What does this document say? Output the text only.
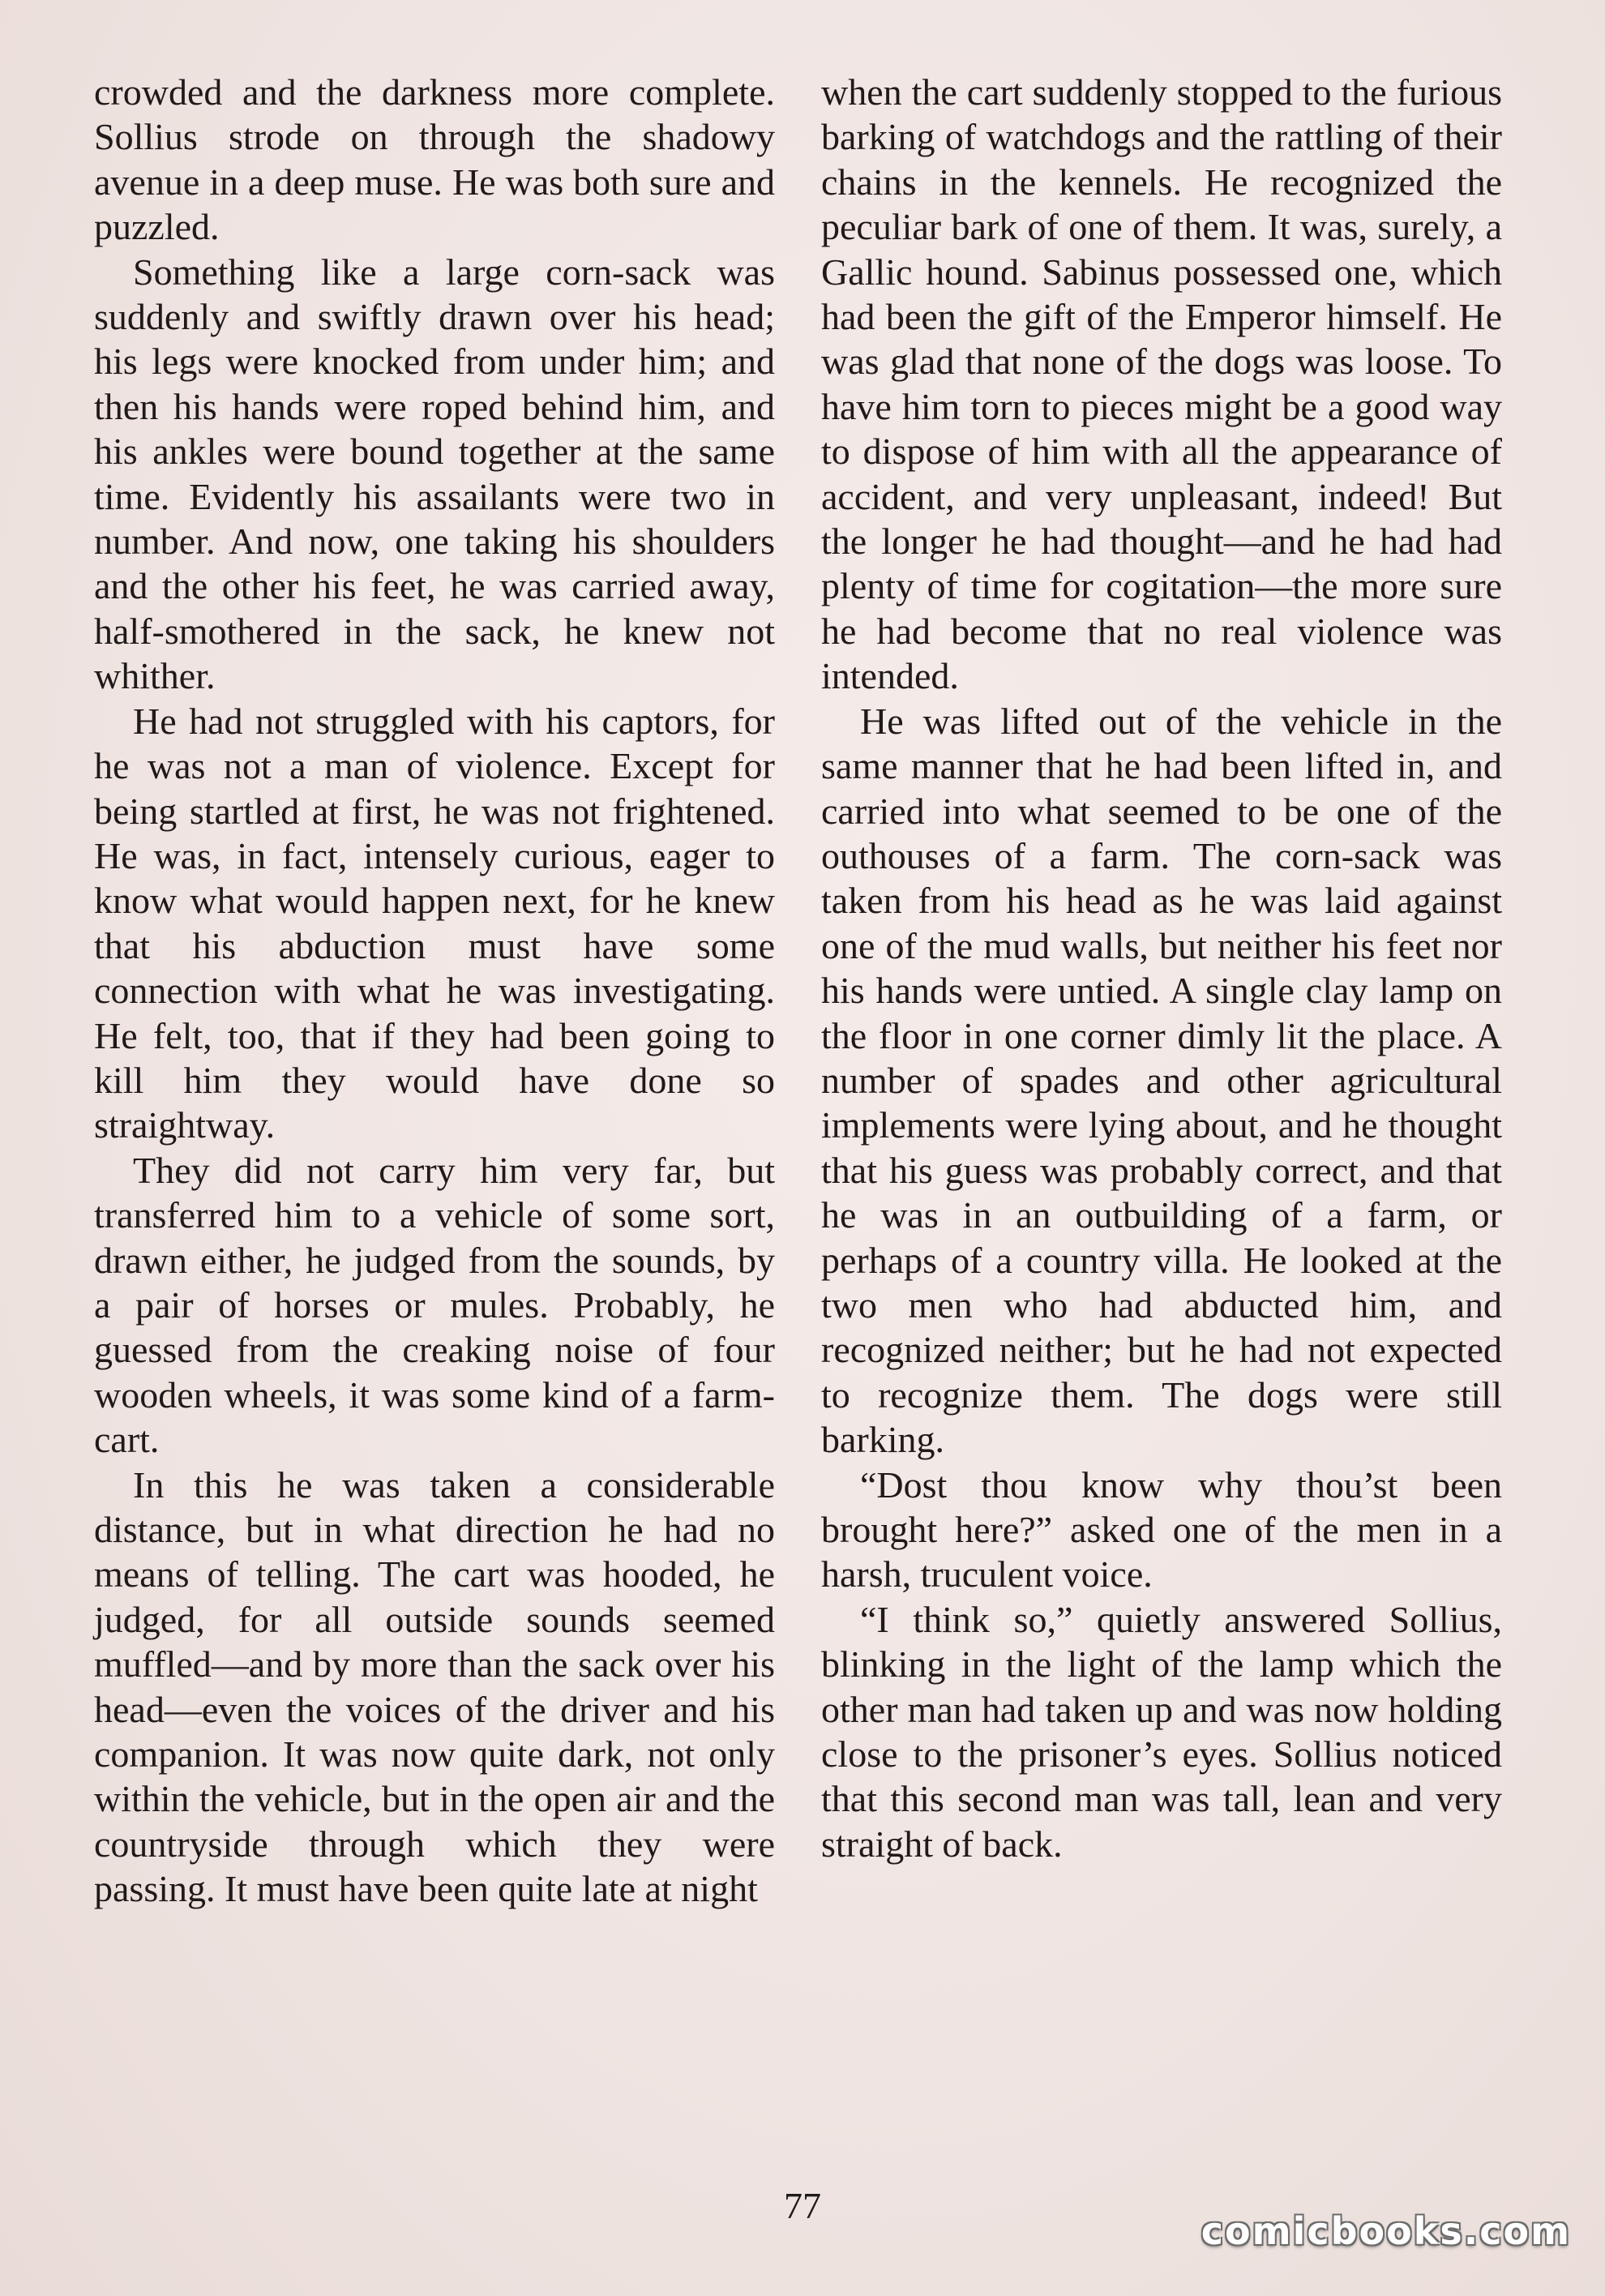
crowded and the darkness more complete. Sollius strode on through the shadowy avenue in a deep muse. He was both sure and puzzled.

Something like a large corn-sack was suddenly and swiftly drawn over his head; his legs were knocked from under him; and then his hands were roped behind him, and his ankles were bound together at the same time. Evidently his assailants were two in number. And now, one taking his shoulders and the other his feet, he was carried away, half-smothered in the sack, he knew not whither.

He had not struggled with his captors, for he was not a man of violence. Except for being startled at first, he was not frightened. He was, in fact, intensely curious, eager to know what would happen next, for he knew that his abduction must have some connection with what he was investigating. He felt, too, that if they had been going to kill him they would have done so straightway.

They did not carry him very far, but transferred him to a vehicle of some sort, drawn either, he judged from the sounds, by a pair of horses or mules. Probably, he guessed from the creaking noise of four wooden wheels, it was some kind of a farm-cart.

In this he was taken a considerable distance, but in what direction he had no means of telling. The cart was hooded, he judged, for all outside sounds seemed muffled—and by more than the sack over his head—even the voices of the driver and his companion. It was now quite dark, not only within the vehicle, but in the open air and the countryside through which they were passing. It must have been quite late at night

when the cart suddenly stopped to the furious barking of watchdogs and the rattling of their chains in the kennels. He recognized the peculiar bark of one of them. It was, surely, a Gallic hound. Sabinus possessed one, which had been the gift of the Emperor himself. He was glad that none of the dogs was loose. To have him torn to pieces might be a good way to dispose of him with all the appearance of accident, and very unpleasant, indeed! But the longer he had thought—and he had had plenty of time for cogitation—the more sure he had become that no real violence was intended.

He was lifted out of the vehicle in the same manner that he had been lifted in, and carried into what seemed to be one of the outhouses of a farm. The corn-sack was taken from his head as he was laid against one of the mud walls, but neither his feet nor his hands were untied. A single clay lamp on the floor in one corner dimly lit the place. A number of spades and other agricultural implements were lying about, and he thought that his guess was probably correct, and that he was in an outbuilding of a farm, or perhaps of a country villa. He looked at the two men who had abducted him, and recognized neither; but he had not expected to recognize them. The dogs were still barking.

“Dost thou know why thou’st been brought here?” asked one of the men in a harsh, truculent voice.

“I think so,” quietly answered Sollius, blinking in the light of the lamp which the other man had taken up and was now holding close to the prisoner’s eyes. Sollius noticed that this second man was tall, lean and very straight of back.

77
comicbooks.com
